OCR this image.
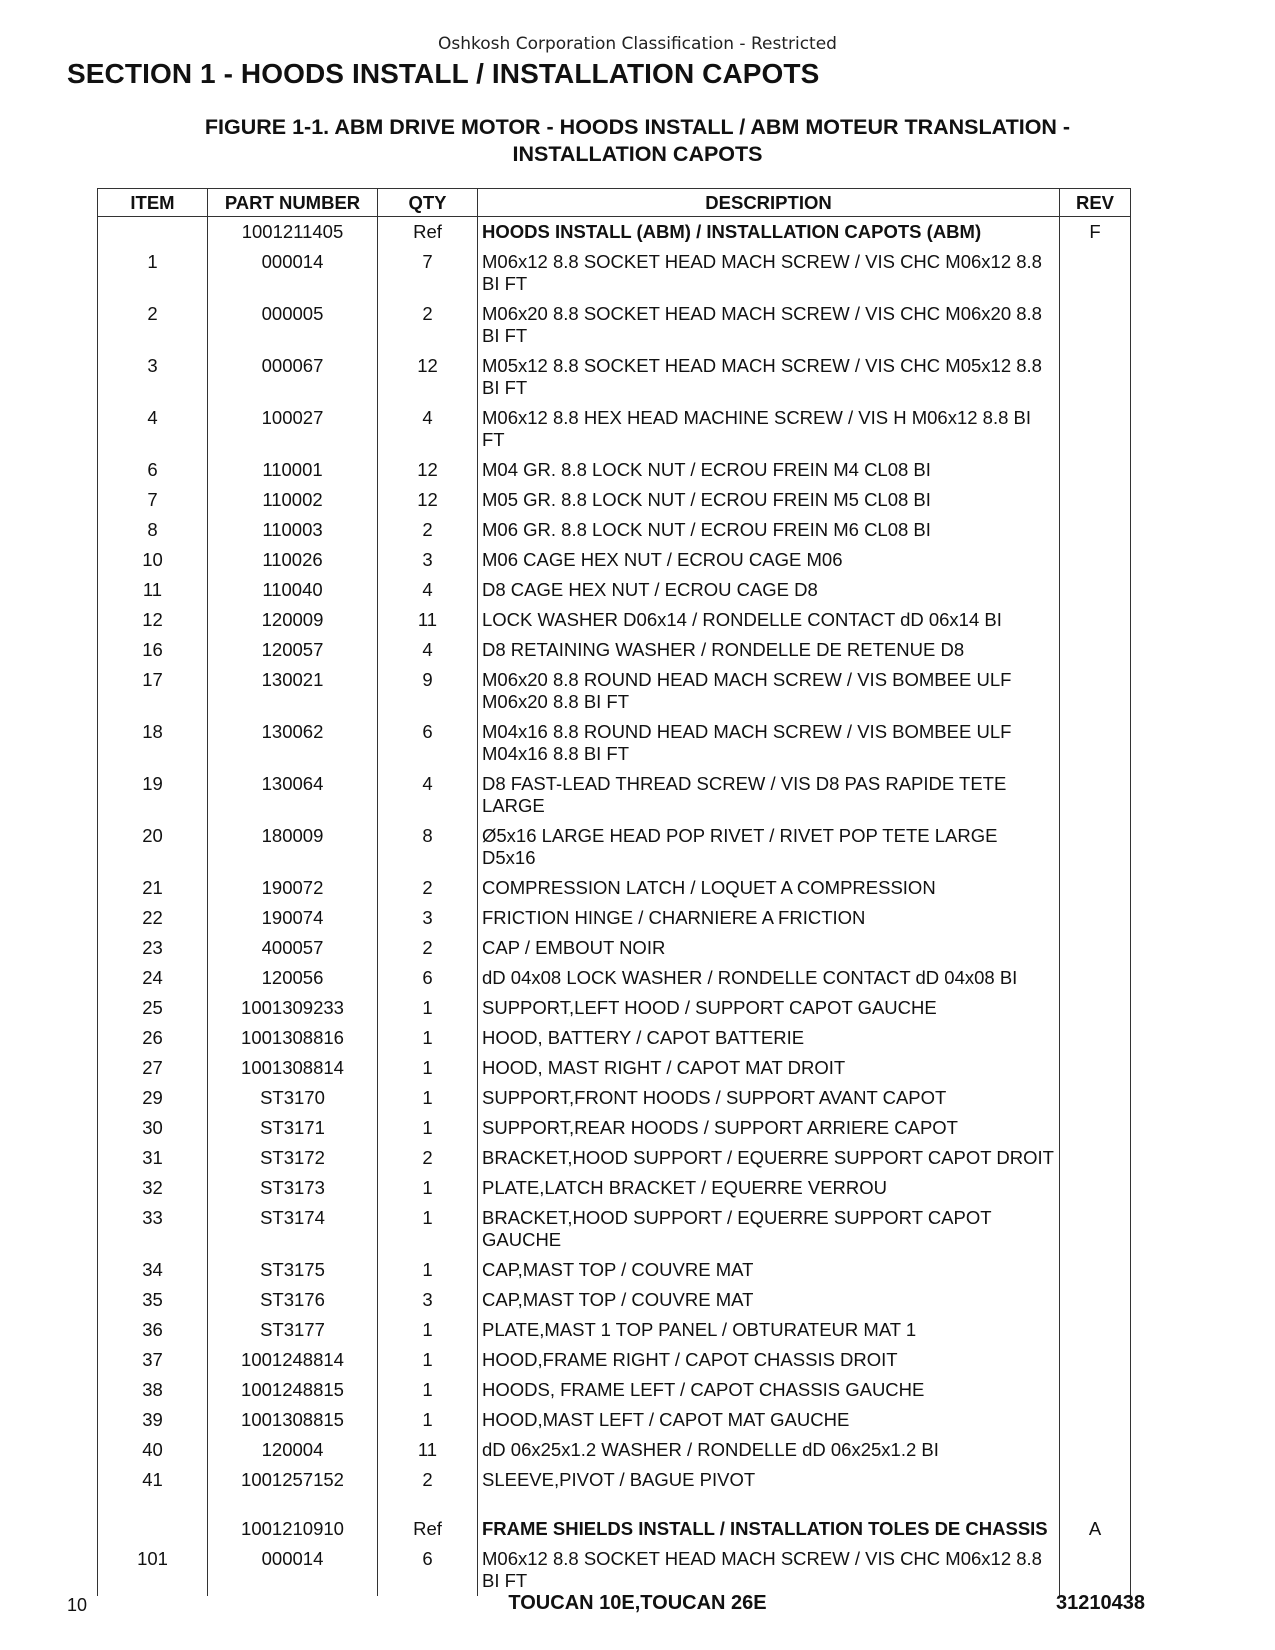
Oshkosh Corporation Classification - Restricted
SECTION 1 - HOODS INSTALL / INSTALLATION CAPOTS
FIGURE 1-1. ABM DRIVE MOTOR - HOODS INSTALL / ABM MOTEUR TRANSLATION -
INSTALLATION CAPOTS
ITEM	PART NUMBER	QTY	DESCRIPTION	REV
	1001211405	Ref	HOODS INSTALL (ABM) / INSTALLATION CAPOTS (ABM)	F
1	000014	7	M06x12 8.8 SOCKET HEAD MACH SCREW / VIS CHC M06x12 8.8 BI FT	
2	000005	2	M06x20 8.8 SOCKET HEAD MACH SCREW / VIS CHC M06x20 8.8 BI FT	
3	000067	12	M05x12 8.8 SOCKET HEAD MACH SCREW / VIS CHC M05x12 8.8 BI FT	
4	100027	4	M06x12 8.8 HEX HEAD MACHINE SCREW / VIS H M06x12 8.8 BI FT	
6	110001	12	M04 GR. 8.8 LOCK NUT / ECROU FREIN M4 CL08 BI	
7	110002	12	M05 GR. 8.8 LOCK NUT / ECROU FREIN M5 CL08 BI	
8	110003	2	M06 GR. 8.8 LOCK NUT / ECROU FREIN M6 CL08 BI	
10	110026	3	M06 CAGE HEX NUT / ECROU CAGE M06	
11	110040	4	D8 CAGE HEX NUT / ECROU CAGE D8	
12	120009	11	LOCK WASHER D06x14 / RONDELLE CONTACT dD 06x14 BI	
16	120057	4	D8 RETAINING WASHER / RONDELLE DE RETENUE D8	
17	130021	9	M06x20 8.8 ROUND HEAD MACH SCREW / VIS BOMBEE ULF M06x20 8.8 BI FT	
18	130062	6	M04x16 8.8 ROUND HEAD MACH SCREW / VIS BOMBEE ULF M04x16 8.8 BI FT	
19	130064	4	D8 FAST-LEAD THREAD SCREW / VIS D8 PAS RAPIDE TETE LARGE	
20	180009	8	Ø5x16 LARGE HEAD POP RIVET / RIVET POP TETE LARGE D5x16	
21	190072	2	COMPRESSION LATCH / LOQUET A COMPRESSION	
22	190074	3	FRICTION HINGE / CHARNIERE A FRICTION	
23	400057	2	CAP / EMBOUT NOIR	
24	120056	6	dD 04x08 LOCK WASHER / RONDELLE CONTACT dD 04x08 BI	
25	1001309233	1	SUPPORT,LEFT HOOD / SUPPORT CAPOT GAUCHE	
26	1001308816	1	HOOD, BATTERY / CAPOT BATTERIE	
27	1001308814	1	HOOD, MAST RIGHT / CAPOT MAT DROIT	
29	ST3170	1	SUPPORT,FRONT HOODS / SUPPORT AVANT CAPOT	
30	ST3171	1	SUPPORT,REAR HOODS / SUPPORT ARRIERE CAPOT	
31	ST3172	2	BRACKET,HOOD SUPPORT / EQUERRE SUPPORT CAPOT DROIT	
32	ST3173	1	PLATE,LATCH BRACKET / EQUERRE VERROU	
33	ST3174	1	BRACKET,HOOD SUPPORT / EQUERRE SUPPORT CAPOT GAUCHE	
34	ST3175	1	CAP,MAST TOP / COUVRE MAT	
35	ST3176	3	CAP,MAST TOP / COUVRE MAT	
36	ST3177	1	PLATE,MAST 1 TOP PANEL / OBTURATEUR MAT 1	
37	1001248814	1	HOOD,FRAME RIGHT / CAPOT CHASSIS DROIT	
38	1001248815	1	HOODS, FRAME LEFT / CAPOT CHASSIS GAUCHE	
39	1001308815	1	HOOD,MAST LEFT / CAPOT MAT GAUCHE	
40	120004	11	dD 06x25x1.2 WASHER / RONDELLE dD 06x25x1.2 BI	
41	1001257152	2	SLEEVE,PIVOT / BAGUE PIVOT	

	1001210910	Ref	FRAME SHIELDS INSTALL / INSTALLATION TOLES DE CHASSIS	A
101	000014	6	M06x12 8.8 SOCKET HEAD MACH SCREW / VIS CHC M06x12 8.8 BI FT	
10	TOUCAN 10E,TOUCAN 26E	31210438
